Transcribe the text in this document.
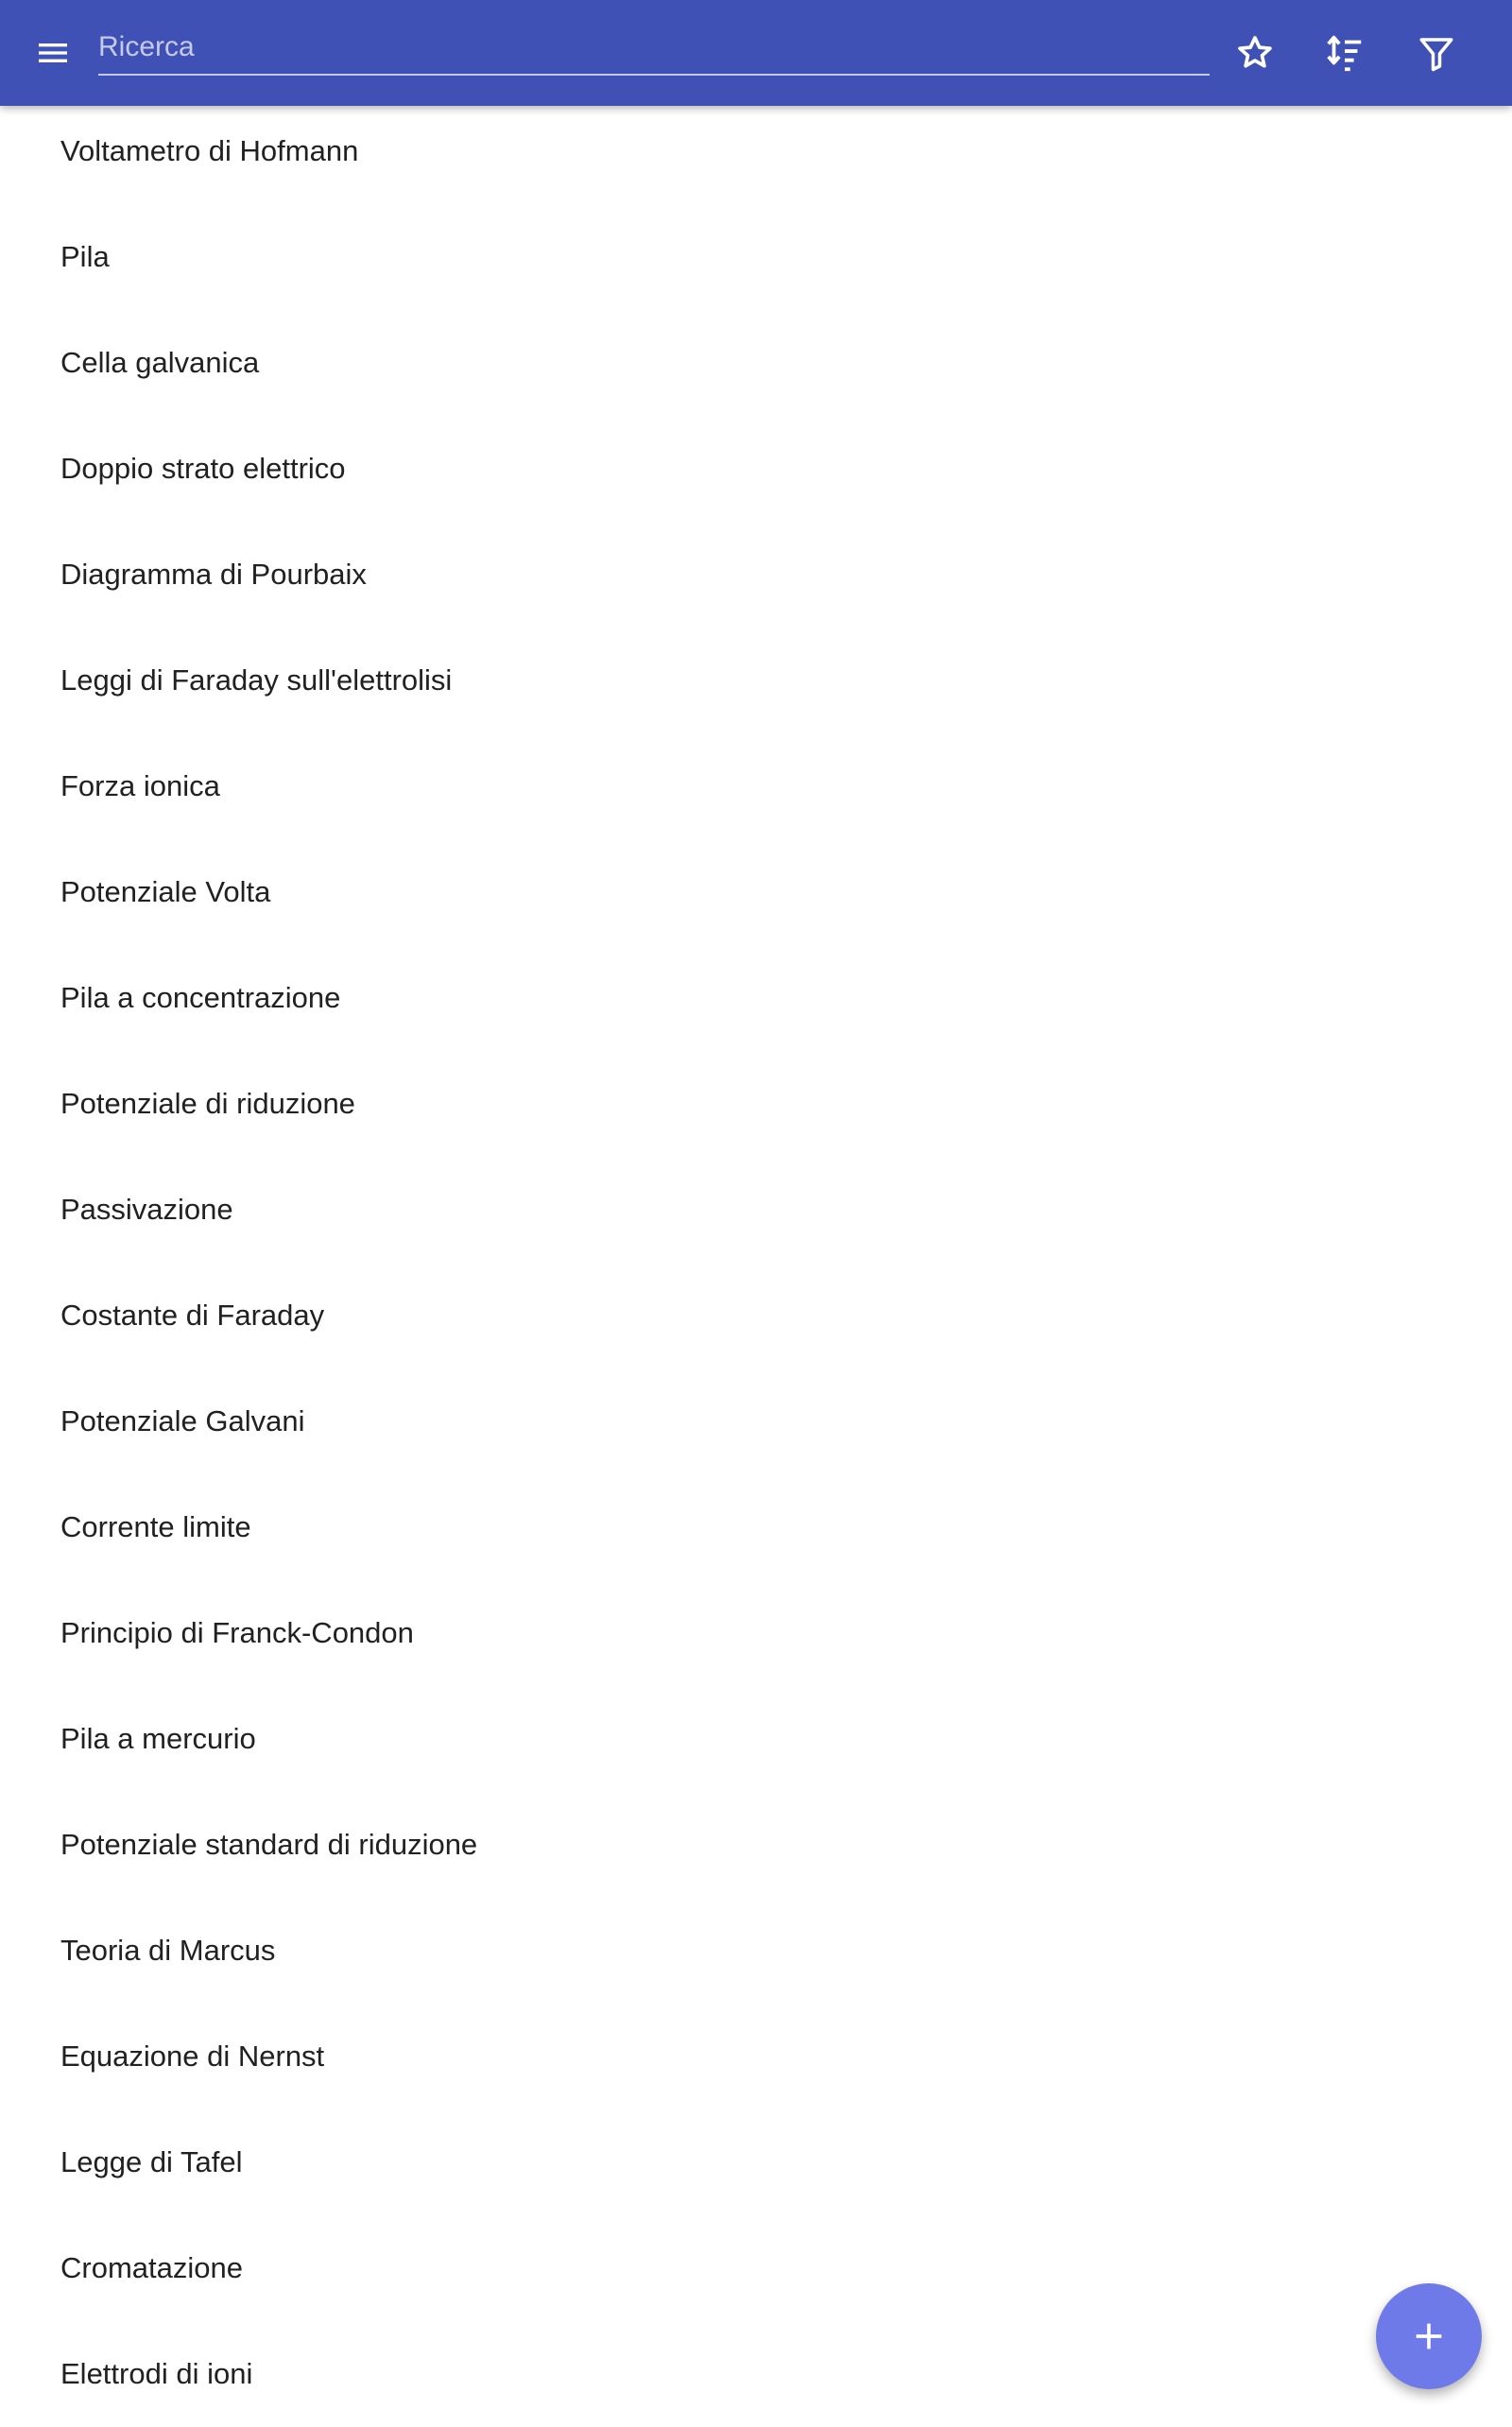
Ricerca
Voltametro di Hofmann
Pila
Cella galvanica
Doppio strato elettrico
Diagramma di Pourbaix
Leggi di Faraday sull'elettrolisi
Forza ionica
Potenziale Volta
Pila a concentrazione
Potenziale di riduzione
Passivazione
Costante di Faraday
Potenziale Galvani
Corrente limite
Principio di Franck-Condon
Pila a mercurio
Potenziale standard di riduzione
Teoria di Marcus
Equazione di Nernst
Legge di Tafel
Cromatazione
Elettrodi di ioni
